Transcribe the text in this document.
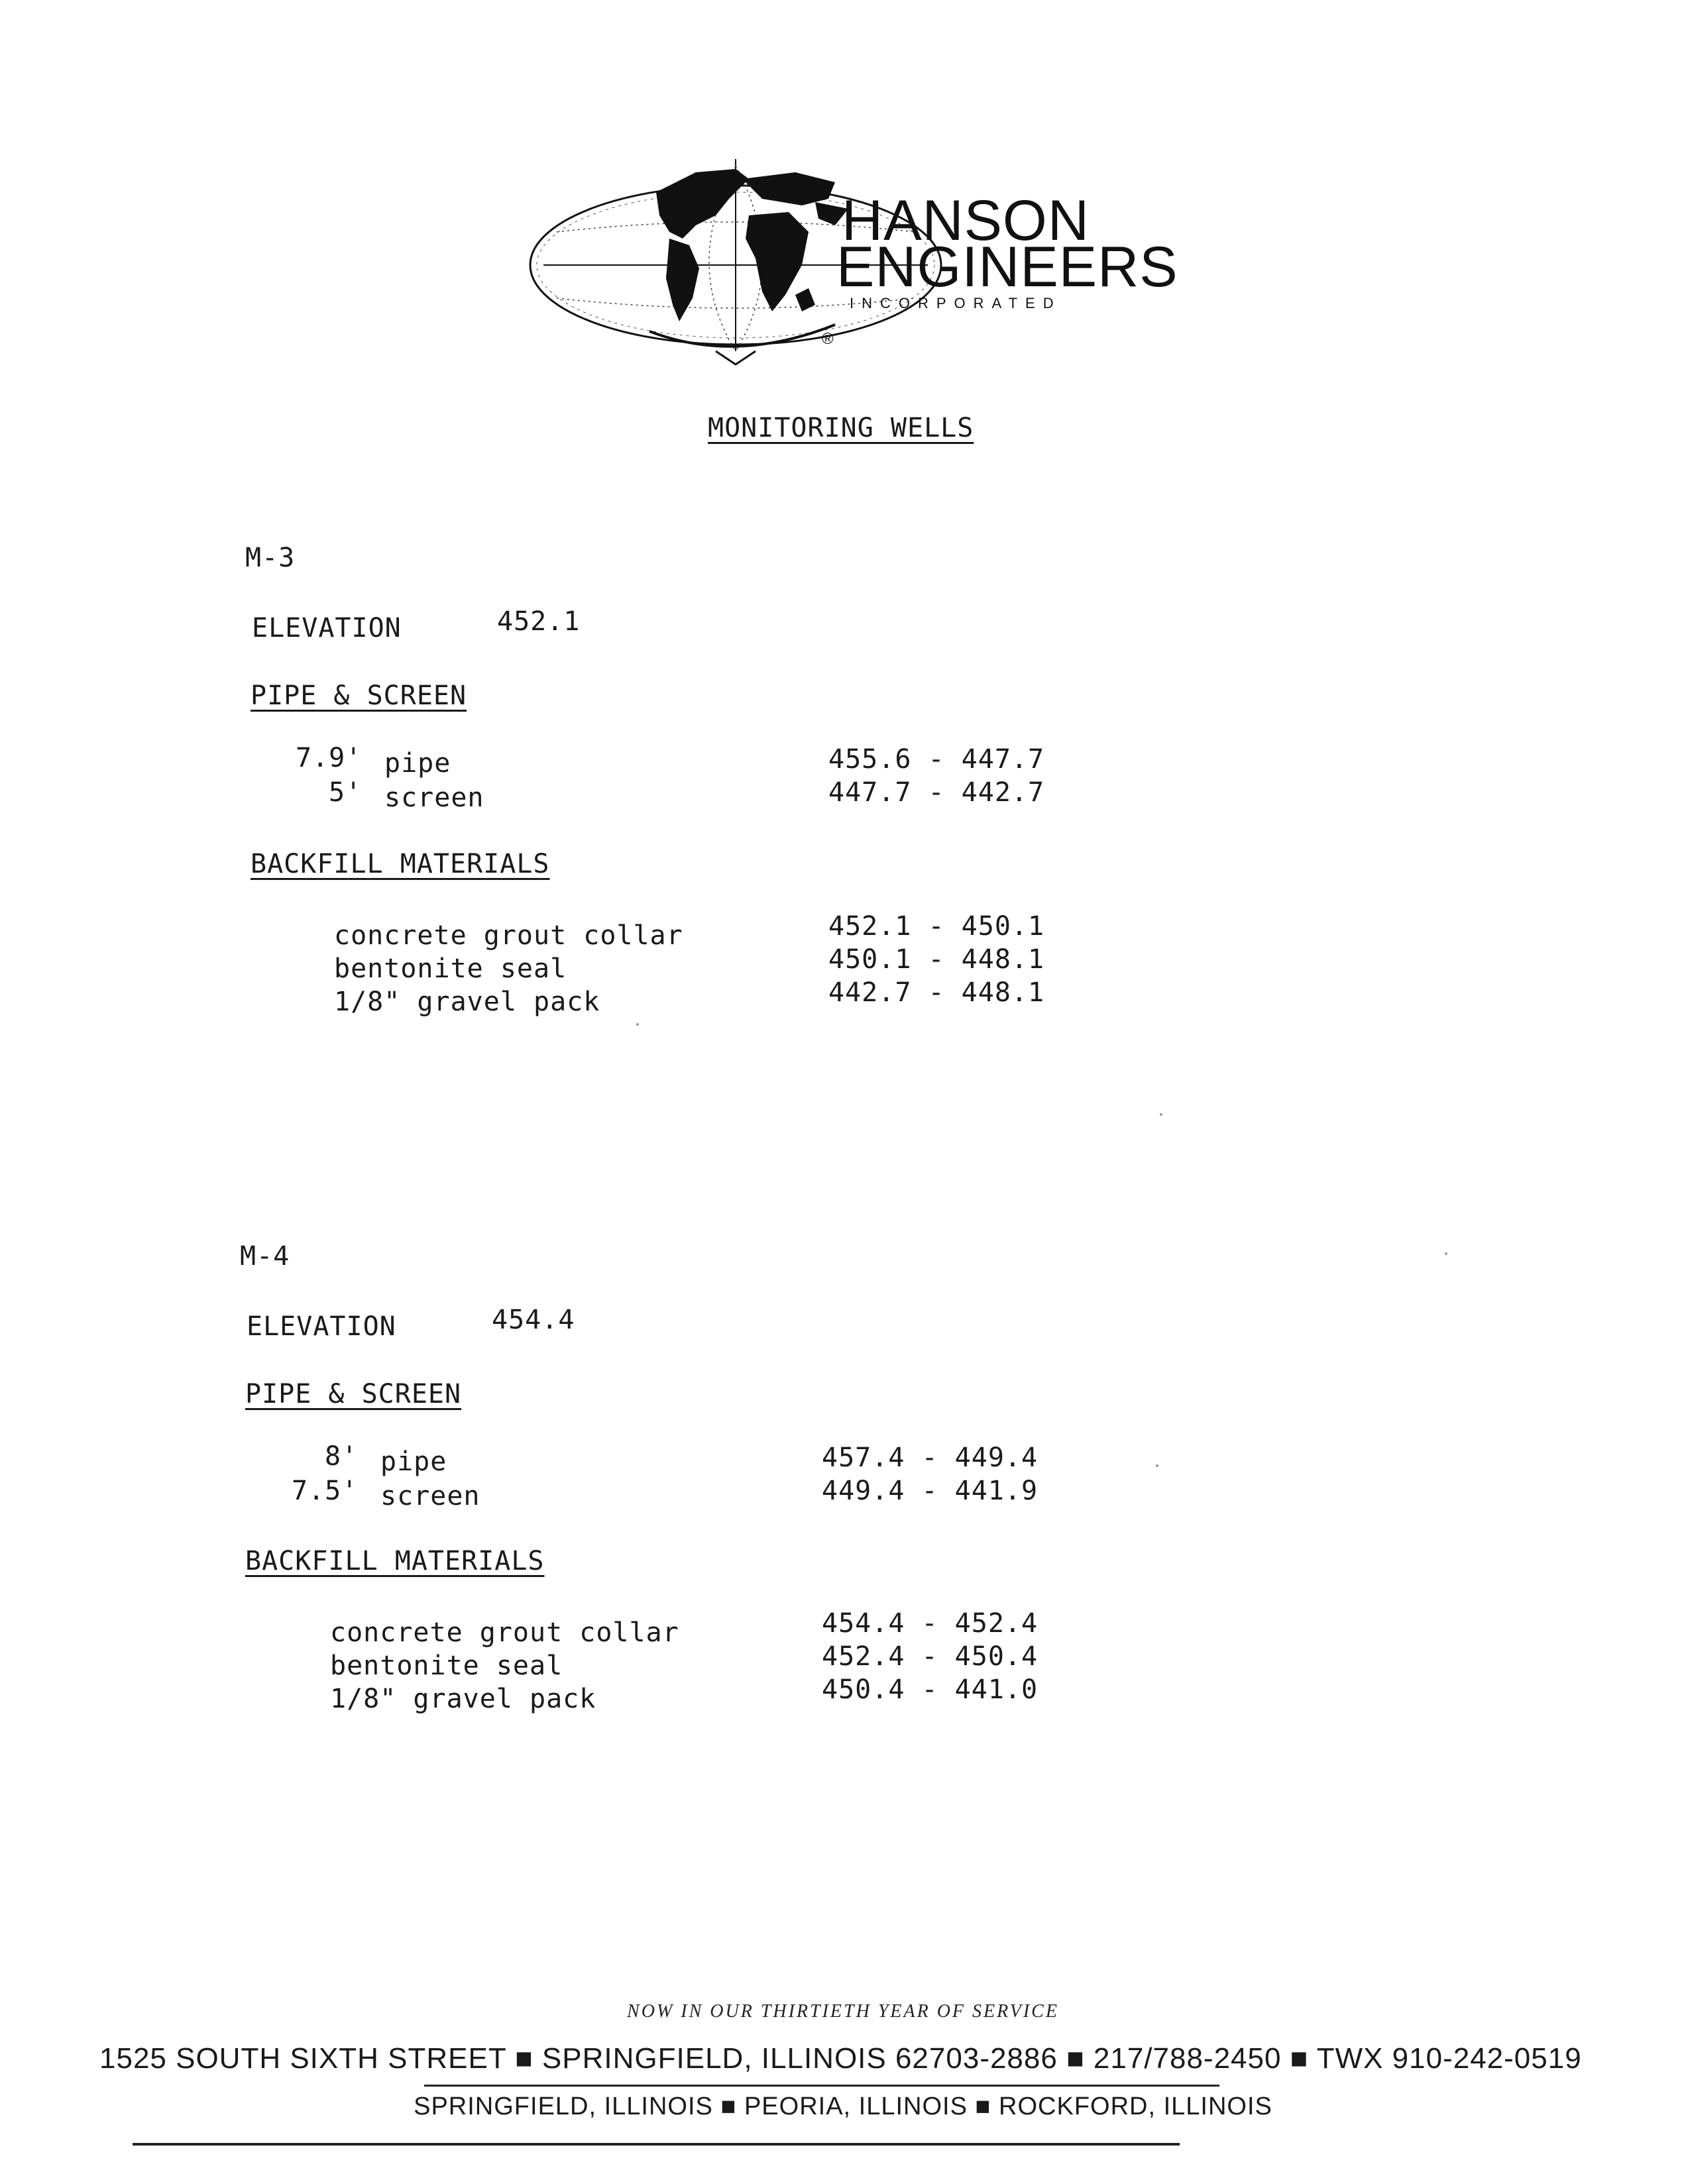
HANSON
ENGINEERS
INCORPORATED
®
MONITORING WELLS
M-3
ELEVATION	452.1
PIPE & SCREEN
7.9' pipe	455.6 - 447.7
5' screen	447.7 - 442.7
BACKFILL MATERIALS
concrete grout collar	452.1 - 450.1
bentonite seal	450.1 - 448.1
1/8" gravel pack	442.7 - 448.1
M-4
ELEVATION	454.4
PIPE & SCREEN
8' pipe	457.4 - 449.4
7.5' screen	449.4 - 441.9
BACKFILL MATERIALS
concrete grout collar	454.4 - 452.4
bentonite seal	452.4 - 450.4
1/8" gravel pack	450.4 - 441.0
NOW IN OUR THIRTIETH YEAR OF SERVICE
1525 SOUTH SIXTH STREET ■ SPRINGFIELD, ILLINOIS 62703-2886 ■ 217/788-2450 ■ TWX 910-242-0519
SPRINGFIELD, ILLINOIS ■ PEORIA, ILLINOIS ■ ROCKFORD, ILLINOIS
